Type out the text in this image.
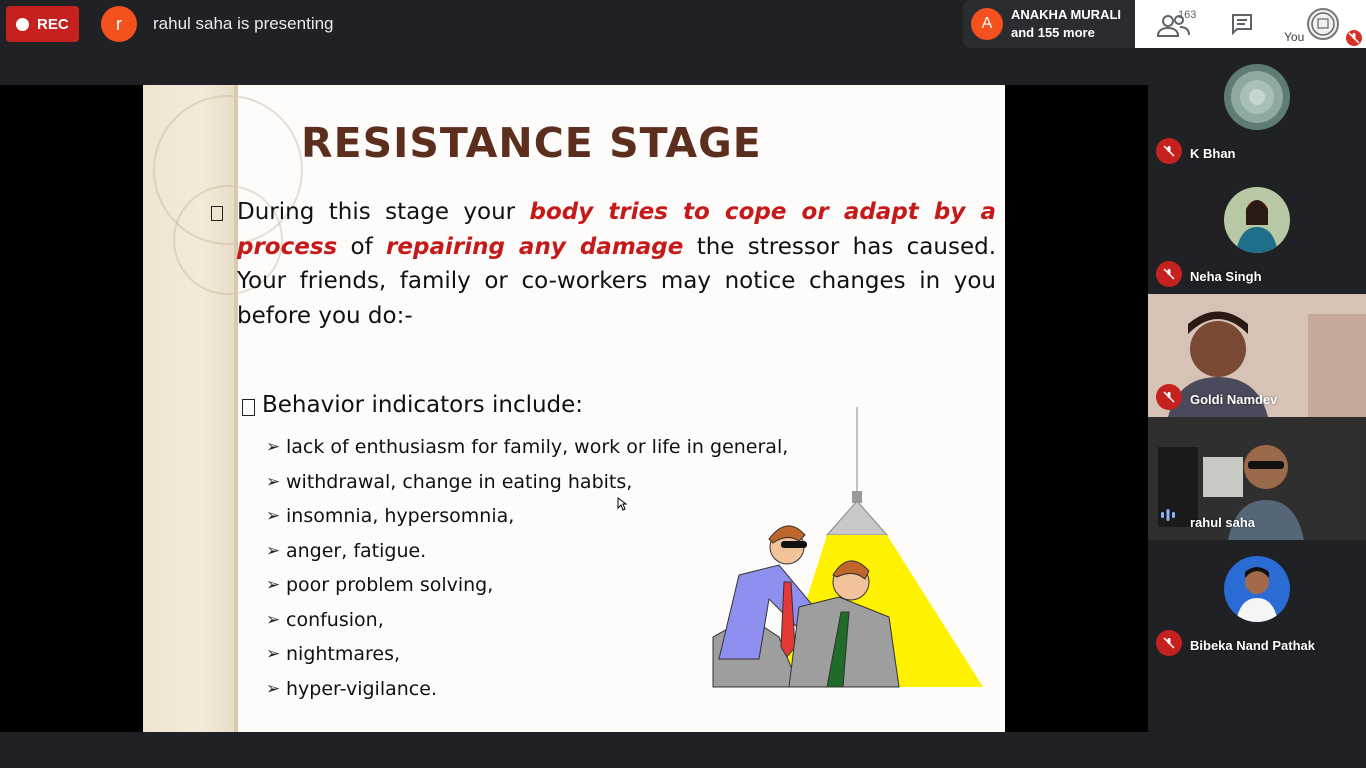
REC	r	rahul saha is presenting	A
ANAKHA MURALI
and 155 more
163
You
RESISTANCE STAGE
During this stage your body tries to cope or adapt by a process of repairing any damage the stressor has caused. Your friends, family or co-workers may notice changes in you before you do:-
Behavior indicators include:
➢ lack of enthusiasm for family, work or life in general,
➢ withdrawal, change in eating habits,
➢ insomnia, hypersomnia,
➢ anger, fatigue.
➢ poor problem solving,
➢ confusion,
➢ nightmares,
➢ hyper-vigilance.
K Bhan
Neha Singh
Goldi Namdev
rahul saha
Bibeka Nand Pathak
